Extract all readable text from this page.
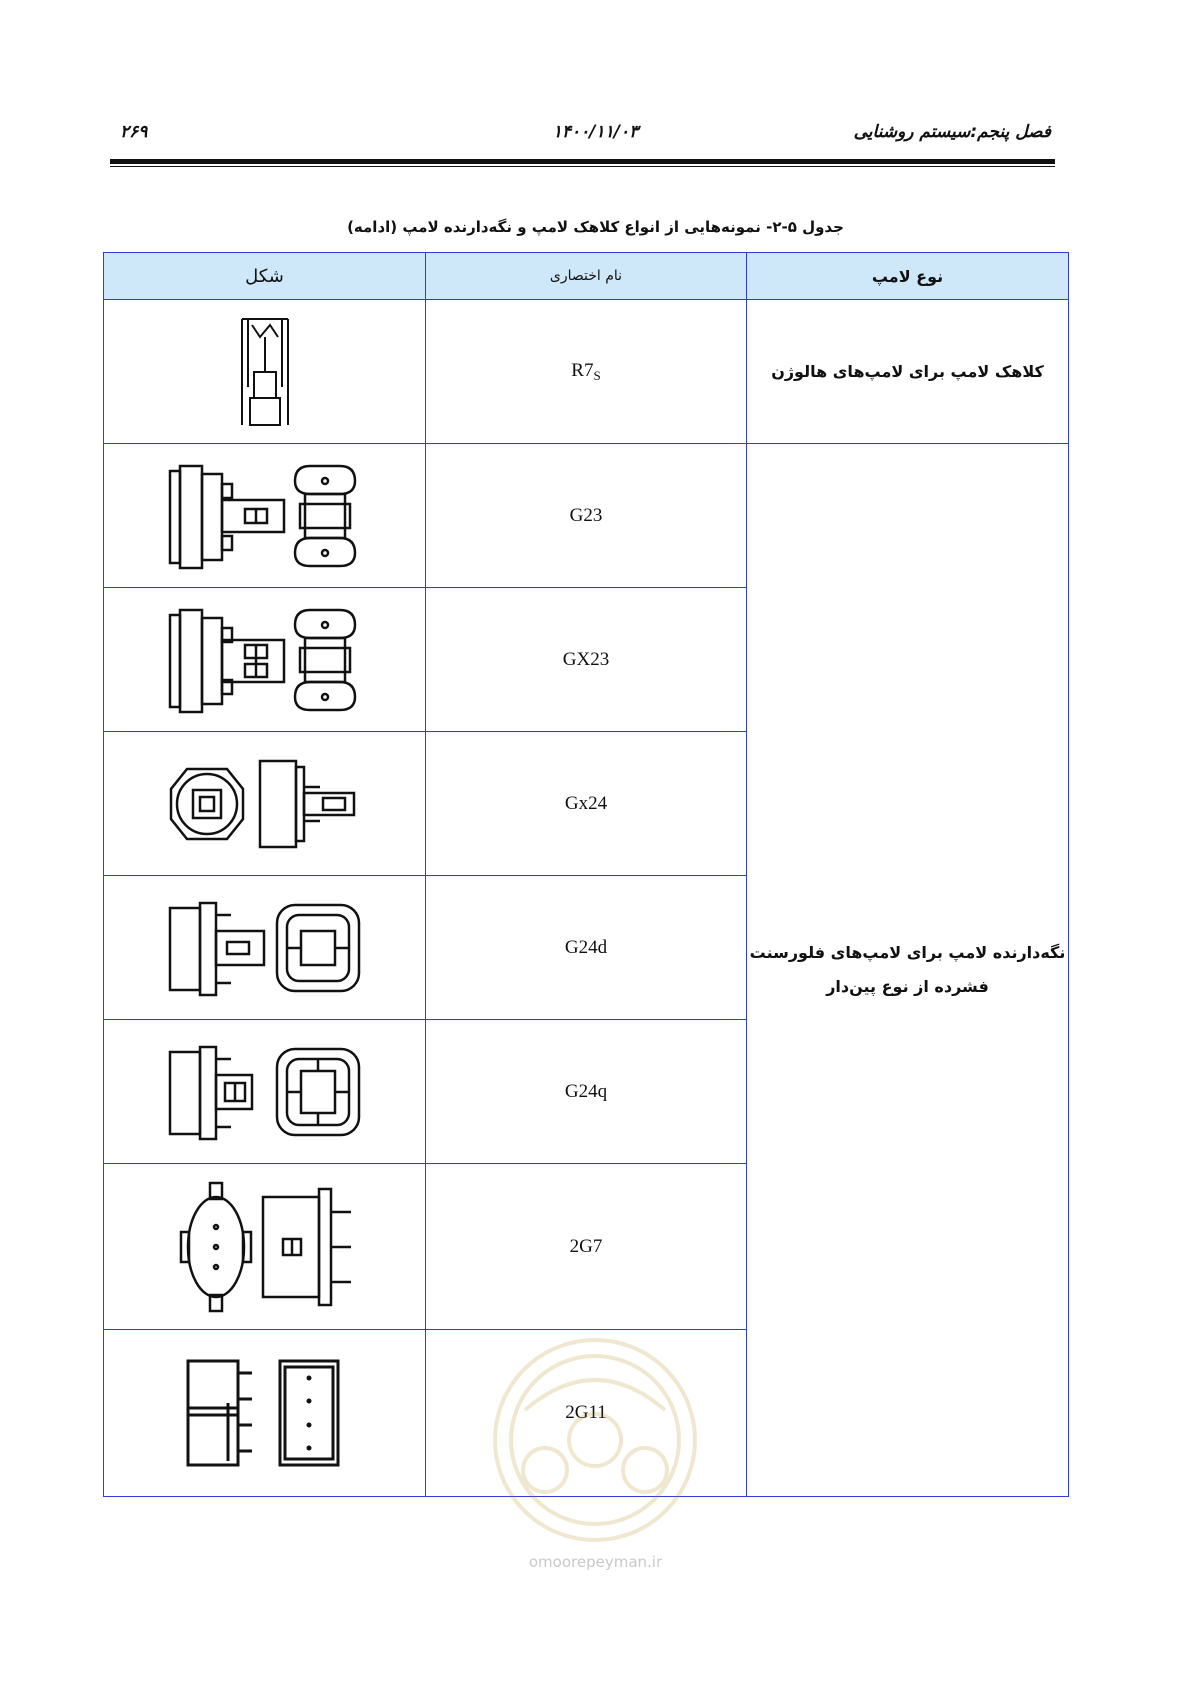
فصل پنجم:سیستم روشنایی
۱۴۰۰/۱۱/۰۳
۲۶۹
جدول ۵-۲- نمونه‌هایی از انواع کلاهک لامپ و نگه‌دارنده لامپ (ادامه)
شکل	نام اختصاری	نوع لامپ

	$R7_S$	کلاهک لامپ برای لامپ‌های هالوژن

	G23	نگه‌دارنده لامپ برای لامپ‌های فلورسنت فشرده از نوع پین‌دار

	GX23	

	Gx24	

	G24d	

	G24q	

	2G7	

	2G11	
omoorepeyman.ir
